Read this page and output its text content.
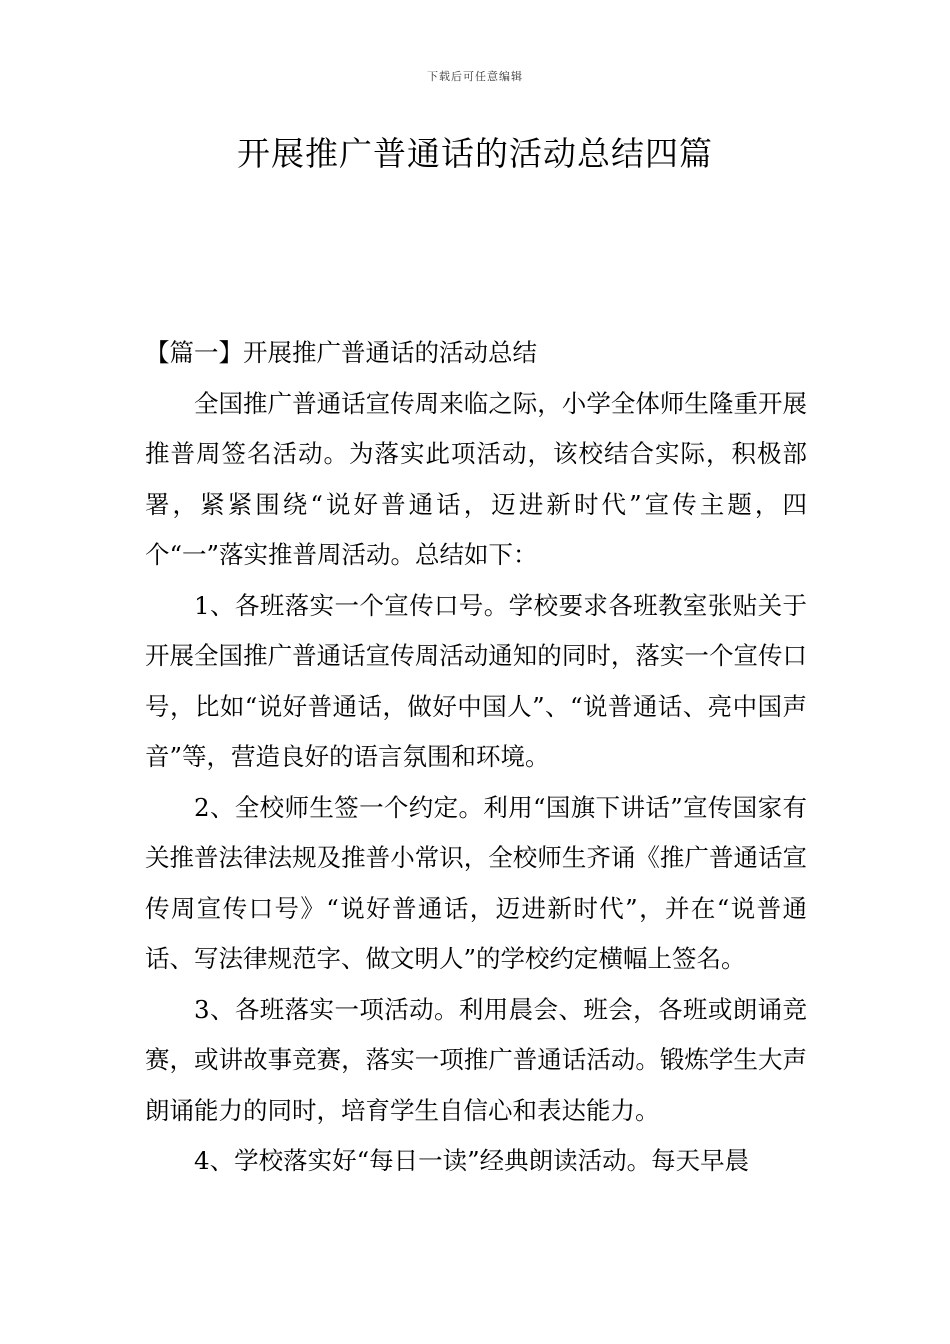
下载后可任意编辑
开展推广普通话的活动总结四篇

【篇一】开展推广普通话的活动总结

全国推广普通话宣传周来临之际，小学全体师生隆重开展推普周签名活动。为落实此项活动，该校结合实际，积极部署，紧紧围绕“说好普通话，迈进新时代”宣传主题，四个“一”落实推普周活动。总结如下：

1、各班落实一个宣传口号。学校要求各班教室张贴关于开展全国推广普通话宣传周活动通知的同时，落实一个宣传口号，比如“说好普通话，做好中国人”、“说普通话、亮中国声音”等，营造良好的语言氛围和环境。

2、全校师生签一个约定。利用“国旗下讲话”宣传国家有关推普法律法规及推普小常识，全校师生齐诵《推广普通话宣传周宣传口号》“说好普通话，迈进新时代”，并在“说普通话、写法律规范字、做文明人”的学校约定横幅上签名。

3、各班落实一项活动。利用晨会、班会，各班或朗诵竞赛，或讲故事竞赛，落实一项推广普通话活动。锻炼学生大声朗诵能力的同时，培育学生自信心和表达能力。

4、学校落实好“每日一读”经典朗读活动。每天早晨
